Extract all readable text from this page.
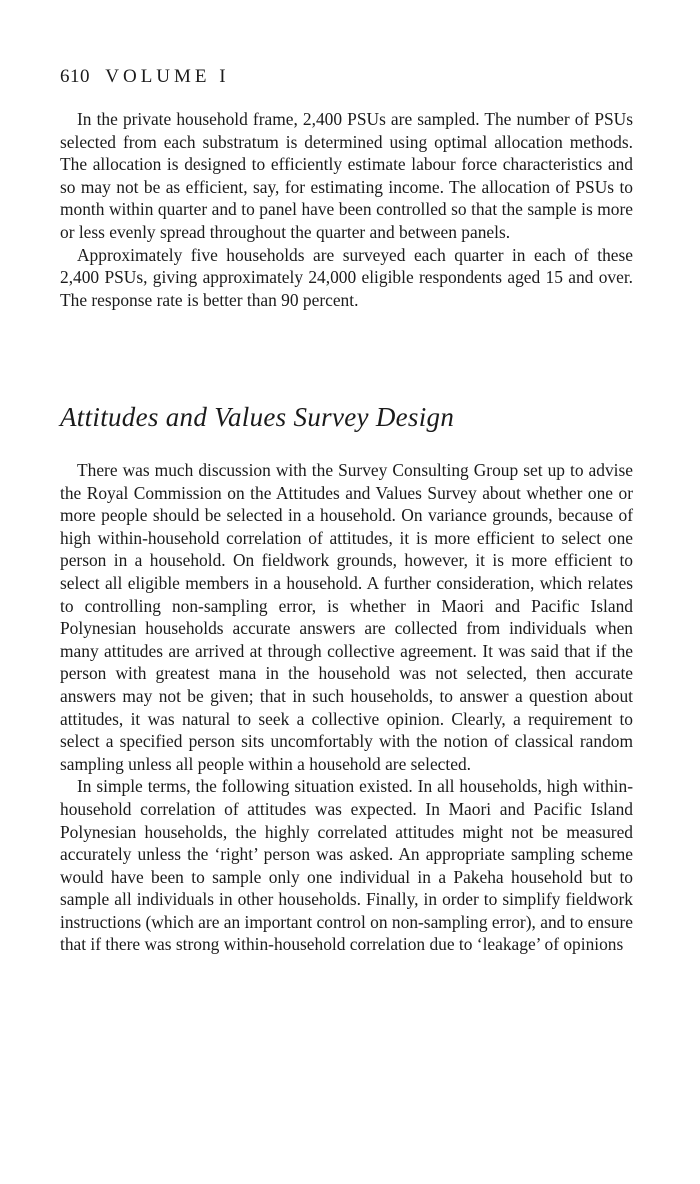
610 VOLUME I

In the private household frame, 2,400 PSUs are sampled. The number of PSUs selected from each substratum is determined using optimal allocation methods. The allocation is designed to efficiently estimate labour force characteristics and so may not be as efficient, say, for estimating income. The allocation of PSUs to month within quarter and to panel have been controlled so that the sample is more or less evenly spread throughout the quarter and between panels.

Approximately five households are surveyed each quarter in each of these 2,400 PSUs, giving approximately 24,000 eligible respondents aged 15 and over. The response rate is better than 90 percent.

Attitudes and Values Survey Design

There was much discussion with the Survey Consulting Group set up to advise the Royal Commission on the Attitudes and Values Survey about whether one or more people should be selected in a household. On variance grounds, because of high within-household correlation of attitudes, it is more efficient to select one person in a household. On fieldwork grounds, however, it is more efficient to select all eligible members in a household. A further consideration, which relates to controlling non-sampling error, is whether in Maori and Pacific Island Polynesian households accurate answers are collected from individuals when many attitudes are arrived at through collective agreement. It was said that if the person with greatest mana in the household was not selected, then accurate answers may not be given; that in such households, to answer a question about attitudes, it was natural to seek a collective opinion. Clearly, a requirement to select a specified person sits uncomfortably with the notion of classical random sampling unless all people within a household are selected.

In simple terms, the following situation existed. In all households, high within-household correlation of attitudes was expected. In Maori and Pacific Island Polynesian households, the highly correlated attitudes might not be measured accurately unless the ‘right’ person was asked. An appropriate sampling scheme would have been to sample only one individual in a Pakeha household but to sample all individuals in other households. Finally, in order to simplify fieldwork instructions (which are an important control on non-sampling error), and to ensure that if there was strong within-household correlation due to ‘leakage’ of opinions
